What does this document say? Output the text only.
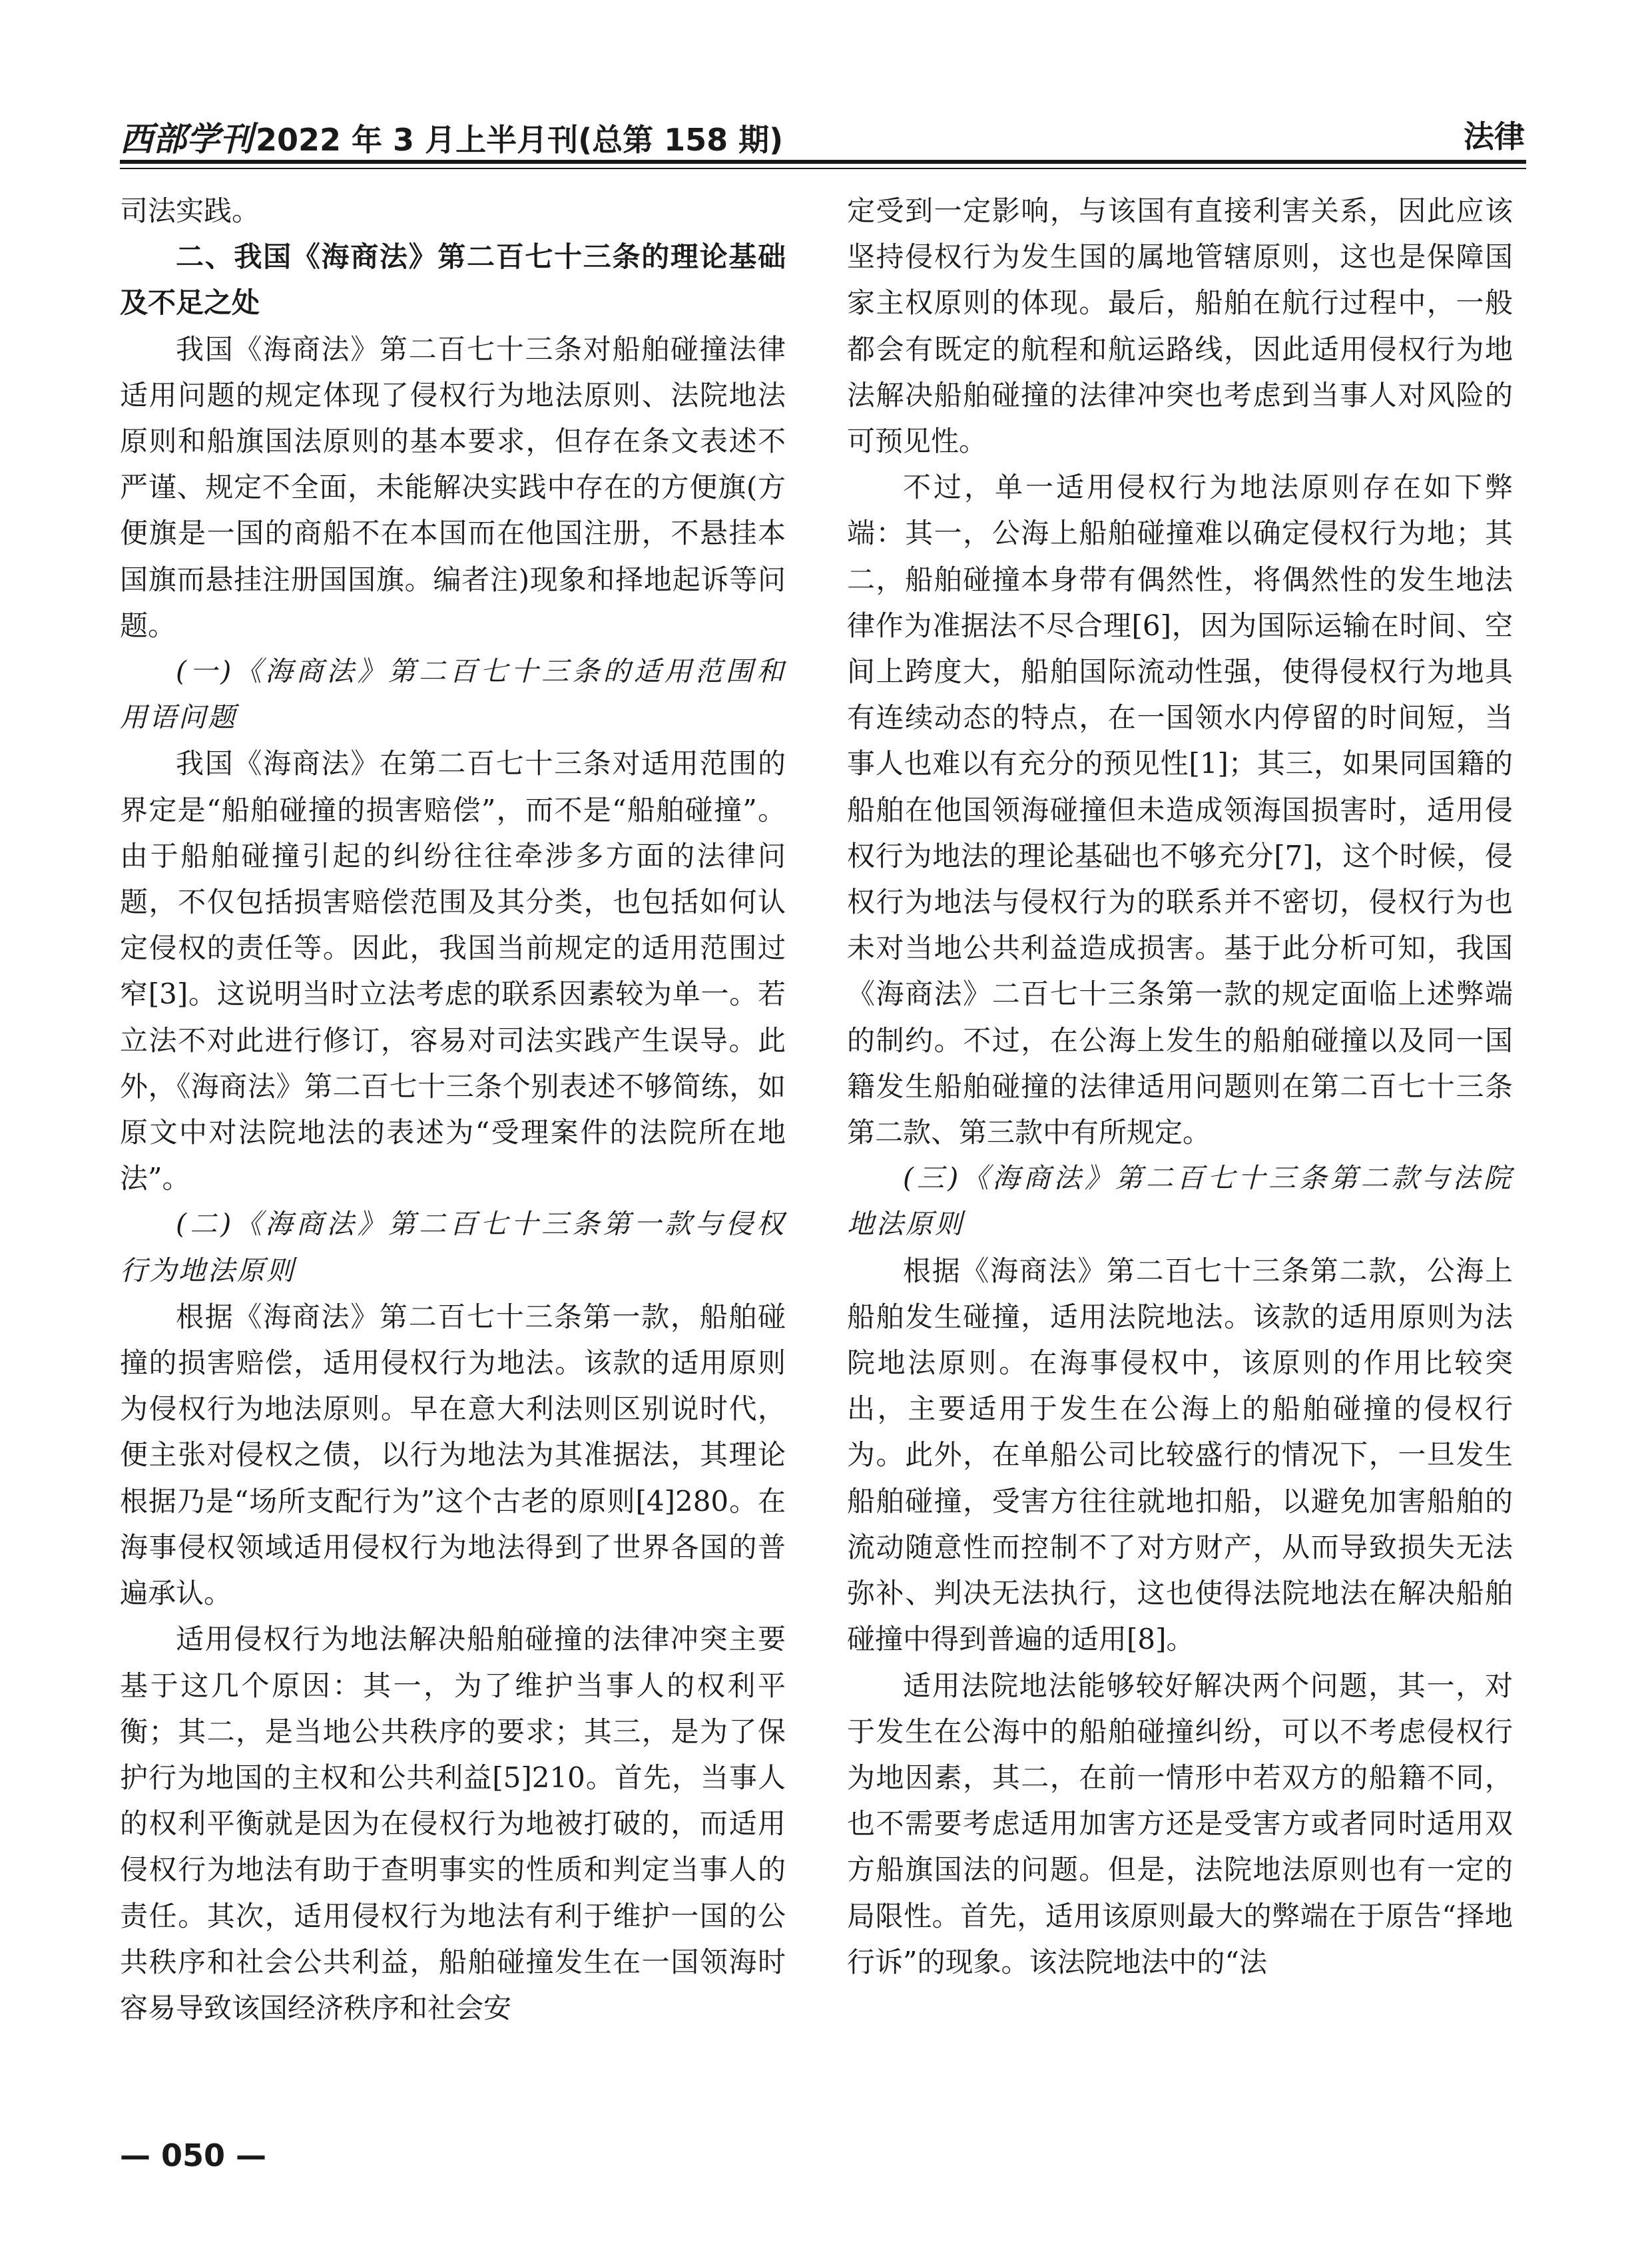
西部学刊2022 年 3 月上半月刊(总第 158 期)	法律

司法实践。

二、我国《海商法》第二百七十三条的理论基础及不足之处

我国《海商法》第二百七十三条对船舶碰撞法律适用问题的规定体现了侵权行为地法原则、法院地法原则和船旗国法原则的基本要求，但存在条文表述不严谨、规定不全面，未能解决实践中存在的方便旗(方便旗是一国的商船不在本国而在他国注册，不悬挂本国旗而悬挂注册国国旗。编者注)现象和择地起诉等问题。

(一)《海商法》第二百七十三条的适用范围和用语问题

我国《海商法》在第二百七十三条对适用范围的界定是“船舶碰撞的损害赔偿”，而不是“船舶碰撞”。由于船舶碰撞引起的纠纷往往牵涉多方面的法律问题，不仅包括损害赔偿范围及其分类，也包括如何认定侵权的责任等。因此，我国当前规定的适用范围过窄[3]。这说明当时立法考虑的联系因素较为单一。若立法不对此进行修订，容易对司法实践产生误导。此外，《海商法》第二百七十三条个别表述不够简练，如原文中对法院地法的表述为“受理案件的法院所在地法”。

(二)《海商法》第二百七十三条第一款与侵权行为地法原则

根据《海商法》第二百七十三条第一款，船舶碰撞的损害赔偿，适用侵权行为地法。该款的适用原则为侵权行为地法原则。早在意大利法则区别说时代，便主张对侵权之债，以行为地法为其准据法，其理论根据乃是“场所支配行为”这个古老的原则[4]280。在海事侵权领域适用侵权行为地法得到了世界各国的普遍承认。

适用侵权行为地法解决船舶碰撞的法律冲突主要基于这几个原因：其一，为了维护当事人的权利平衡；其二，是当地公共秩序的要求；其三，是为了保护行为地国的主权和公共利益[5]210。首先，当事人的权利平衡就是因为在侵权行为地被打破的，而适用侵权行为地法有助于查明事实的性质和判定当事人的责任。其次，适用侵权行为地法有利于维护一国的公共秩序和社会公共利益，船舶碰撞发生在一国领海时容易导致该国经济秩序和社会安

定受到一定影响，与该国有直接利害关系，因此应该坚持侵权行为发生国的属地管辖原则，这也是保障国家主权原则的体现。最后，船舶在航行过程中，一般都会有既定的航程和航运路线，因此适用侵权行为地法解决船舶碰撞的法律冲突也考虑到当事人对风险的可预见性。

不过，单一适用侵权行为地法原则存在如下弊端：其一，公海上船舶碰撞难以确定侵权行为地；其二，船舶碰撞本身带有偶然性，将偶然性的发生地法律作为准据法不尽合理[6]，因为国际运输在时间、空间上跨度大，船舶国际流动性强，使得侵权行为地具有连续动态的特点，在一国领水内停留的时间短，当事人也难以有充分的预见性[1]；其三，如果同国籍的船舶在他国领海碰撞但未造成领海国损害时，适用侵权行为地法的理论基础也不够充分[7]，这个时候，侵权行为地法与侵权行为的联系并不密切，侵权行为也未对当地公共利益造成损害。基于此分析可知，我国《海商法》二百七十三条第一款的规定面临上述弊端的制约。不过，在公海上发生的船舶碰撞以及同一国籍发生船舶碰撞的法律适用问题则在第二百七十三条第二款、第三款中有所规定。

(三)《海商法》第二百七十三条第二款与法院地法原则

根据《海商法》第二百七十三条第二款，公海上船舶发生碰撞，适用法院地法。该款的适用原则为法院地法原则。在海事侵权中，该原则的作用比较突出，主要适用于发生在公海上的船舶碰撞的侵权行为。此外，在单船公司比较盛行的情况下，一旦发生船舶碰撞，受害方往往就地扣船，以避免加害船舶的流动随意性而控制不了对方财产，从而导致损失无法弥补、判决无法执行，这也使得法院地法在解决船舶碰撞中得到普遍的适用[8]。

适用法院地法能够较好解决两个问题，其一，对于发生在公海中的船舶碰撞纠纷，可以不考虑侵权行为地因素，其二，在前一情形中若双方的船籍不同，也不需要考虑适用加害方还是受害方或者同时适用双方船旗国法的问题。但是，法院地法原则也有一定的局限性。首先，适用该原则最大的弊端在于原告“择地行诉”的现象。该法院地法中的“法

— 050 —
